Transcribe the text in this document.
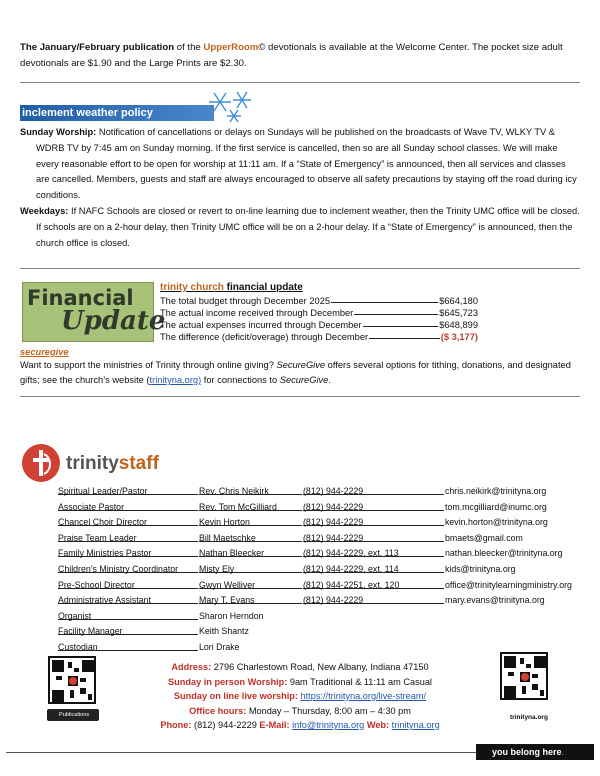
The January/February publication of the UpperRoom© devotionals is available at the Welcome Center. The pocket size adult devotionals are $1.90 and the Large Prints are $2.30.
inclement weather policy

Sunday Worship: Notification of cancellations or delays on Sundays will be published on the broadcasts of Wave TV, WLKY TV & WDRB TV by 7:45 am on Sunday morning. If the first service is cancelled, then so are all Sunday school classes. We will make every reasonable effort to be open for worship at 11:11 am. If a “State of Emergency” is announced, then all services and classes are cancelled. Members, guests and staff are always encouraged to observe all safety precautions by staying off the road during icy conditions.

Weekdays: If NAFC Schools are closed or revert to on-line learning due to inclement weather, then the Trinity UMC office will be closed. If schools are on a 2-hour delay, then Trinity UMC office will be on a 2-hour delay. If a “State of Emergency” is announced, then the church office is closed.

Financial
Update
trinity church financial update
The total budget through December 2025	$664,180
The actual income received through December	$645,723
The actual expenses incurred through December	$648,899
The difference (deficit/overage) through December	($ 3,177)
securegive
Want to support the ministries of Trinity through online giving? SecureGive offers several options for tithing, donations, and designated gifts; see the church’s website (trinityna.org) for connections to SecureGive.
trinitystaff
Spiritual Leader/Pastor	Rev. Chris Neikirk	(812) 944-2229	chris.neikirk@trinityna.org
Associate Pastor	Rev. Tom McGilliard	(812) 944-2229	tom.mcgilliard@inumc.org
Chancel Choir Director	Kevin Horton	(812) 944-2229	kevin.horton@trinityna.org
Praise Team Leader	Bill Maetschke	(812) 944-2229	bmaets@gmail.com
Family Ministries Pastor	Nathan Bleecker	(812) 944-2229, ext. 113	nathan.bleecker@trinityna.org
Children’s Ministry Coordinator	Misty Ely	(812) 944-2229, ext. 114	kids@trinityna.org
Pre-School Director	Gwyn Welliver	(812) 944-2251, ext. 120	office@trinitylearningministry.org
Administrative Assistant	Mary T. Evans	(812) 944-2229	mary.evans@trinityna.org
Organist	Sharon Herndon
Facility Manager	Keith Shantz
Custodian	Lori Drake
Publications	trinityna.org
Address: 2796 Charlestown Road, New Albany, Indiana 47150
Sunday in person Worship: 9am Traditional & 11:11 am Casual
Sunday on line live worship: https://trinityna.org/live-stream/
Office hours: Monday – Thursday, 8:00 am – 4:30 pm
Phone: (812) 944-2229 E-Mail: info@trinityna.org Web: trinityna.org
you belong here.
